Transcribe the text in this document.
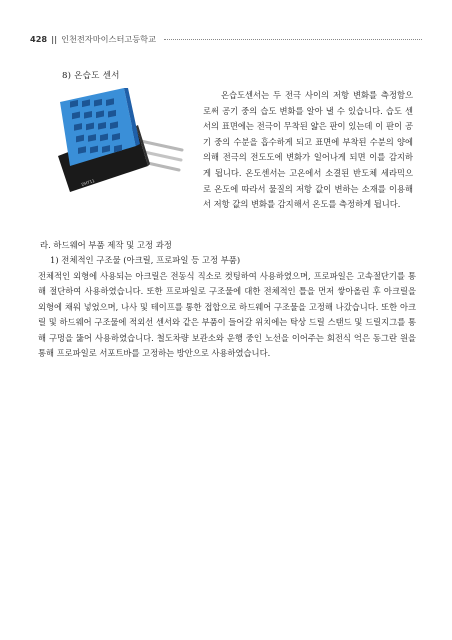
428 || 인천전자마이스터고등학교
8) 온습도 센서
DHT11

온습도센서는 두 전극 사이의 저항 변화를 측정함으로써 공기 중의 습도 변화를 알아 낼 수 있습니다. 습도 센서의 표면에는 전극이 무착된 얇은 판이 있는데 이 판이 공기 중의 수분을 흡수하게 되고 표면에 부착된 수분의 양에 의해 전극의 전도도에 변화가 일어나게 되면 이를 감지하게 됩니다. 온도센서는 고온에서 소결된 반도체 세라믹으로 온도에 따라서 물질의 저항 값이 변하는 소재를 이용해서 저항 값의 변화를 감지해서 온도를 측정하게 됩니다.

라. 하드웨어 부품 제작 및 고정 과정
1) 전체적인 구조물 (아크릴, 프로파일 등 고정 부품)

전체적인 외형에 사용되는 아크릴은 전동식 직소로 컷팅하여 사용하였으며, 프로파일은 고속절단기를 통해 절단하여 사용하였습니다. 또한 프로파일로 구조물에 대한 전체적인 틀을 먼저 쌓아올린 후 아크릴을 외형에 채워 넣었으며, 나사 및 테이프를 통한 접합으로 하드웨어 구조물을 고정해 나갔습니다. 또한 아크릴 및 하드웨어 구조물에 적외선 센서와 같은 부품이 들어갈 위치에는 탁상 드릴 스탠드 및 드릴지그를 통해 구멍을 뚫어 사용하였습니다. 철도차량 보관소와 운행 중인 노선을 이어주는 회전식 억은 동그란 원을 통해 프로파일로 서포트바를 고정하는 방안으로 사용하였습니다.
